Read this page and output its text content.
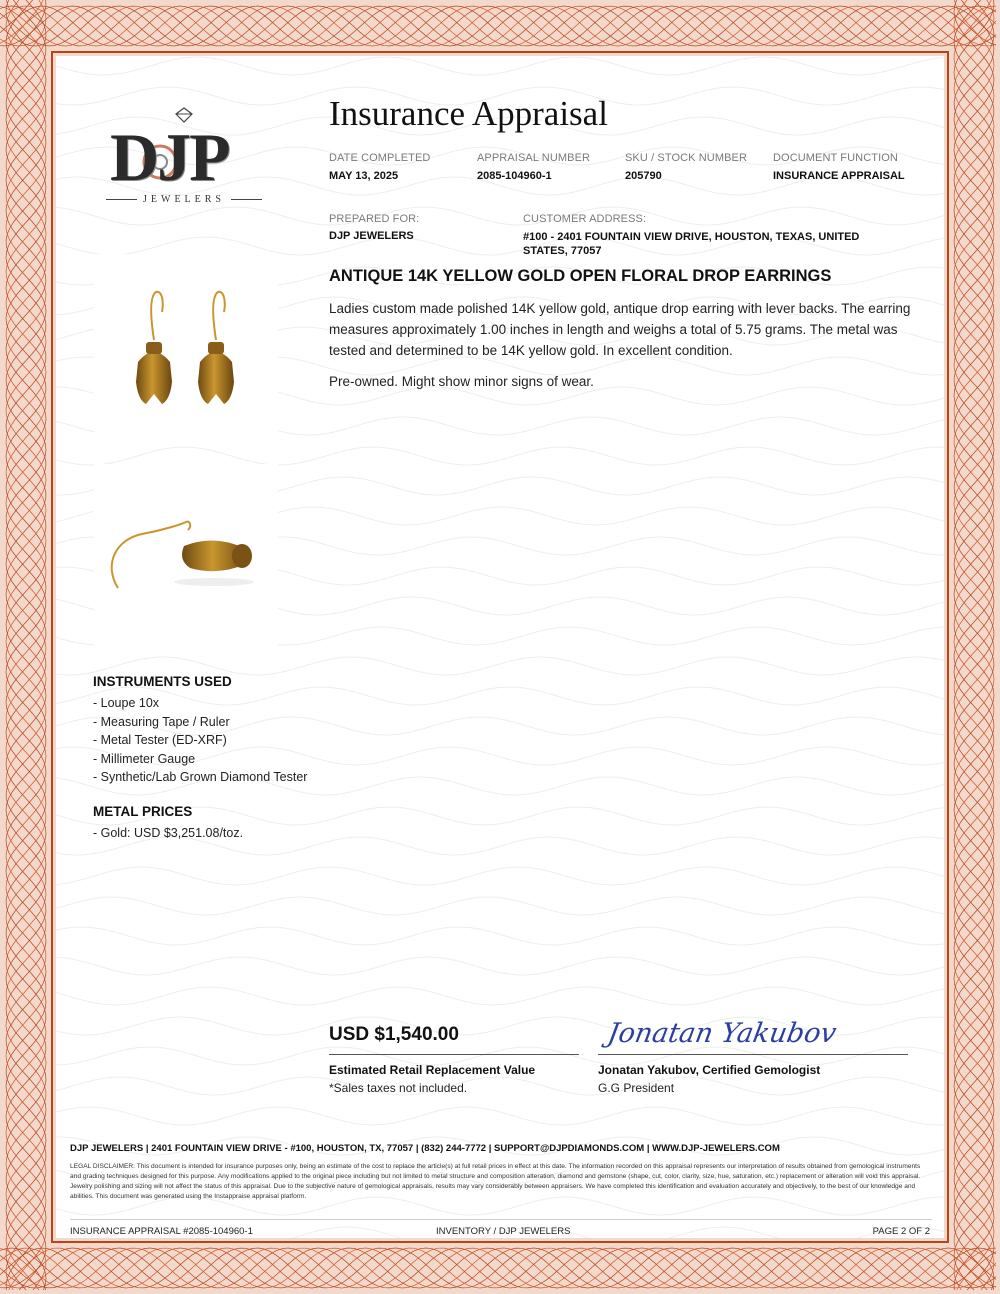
DJP
JEWELERS
Insurance Appraisal
DATE COMPLETED
MAY 13, 2025
APPRAISAL NUMBER
2085-104960-1
SKU / STOCK NUMBER
205790
DOCUMENT FUNCTION
INSURANCE APPRAISAL
PREPARED FOR:
DJP JEWELERS
CUSTOMER ADDRESS:
#100 - 2401 FOUNTAIN VIEW DRIVE, HOUSTON, TEXAS, UNITED STATES, 77057
ANTIQUE 14K YELLOW GOLD OPEN FLORAL DROP EARRINGS
Ladies custom made polished 14K yellow gold, antique drop earring with lever backs. The earring measures approximately 1.00 inches in length and weighs a total of 5.75 grams. The metal was tested and determined to be 14K yellow gold. In excellent condition.
Pre-owned. Might show minor signs of wear.
INSTRUMENTS USED
- Loupe 10x
- Measuring Tape / Ruler
- Metal Tester (ED-XRF)
- Millimeter Gauge
- Synthetic/Lab Grown Diamond Tester
METAL PRICES
- Gold: USD $3,251.08/toz.
USD $1,540.00
Estimated Retail Replacement Value
*Sales taxes not included.
Jonatan Yakubov
Jonatan Yakubov, Certified Gemologist
G.G President
DJP JEWELERS | 2401 FOUNTAIN VIEW DRIVE - #100, HOUSTON, TX, 77057 | (832) 244-7772 | SUPPORT@DJPDIAMONDS.COM | WWW.DJP-JEWELERS.COM
LEGAL DISCLAIMER: This document is intended for insurance purposes only, being an estimate of the cost to replace the article(s) at full retail prices in effect at this date. The information recorded on this appraisal represents our interpretation of results obtained from gemological instruments and grading techniques designed for this purpose. Any modifications applied to the original piece including but not limited to metal structure and composition alteration, diamond and gemstone (shape, cut, color, clarity, size, hue, saturation, etc.) replacement or alteration will void this appraisal. Jewelry polishing and sizing will not affect the status of this appraisal. Due to the subjective nature of gemological appraisals, results may vary considerably between appraisers. We have completed this identification and evaluation accurately and objectively, to the best of our knowledge and abilities. This document was generated using the Instappraise appraisal platform.
INSURANCE APPRAISAL #2085-104960-1	INVENTORY / DJP JEWELERS	PAGE 2 OF 2
